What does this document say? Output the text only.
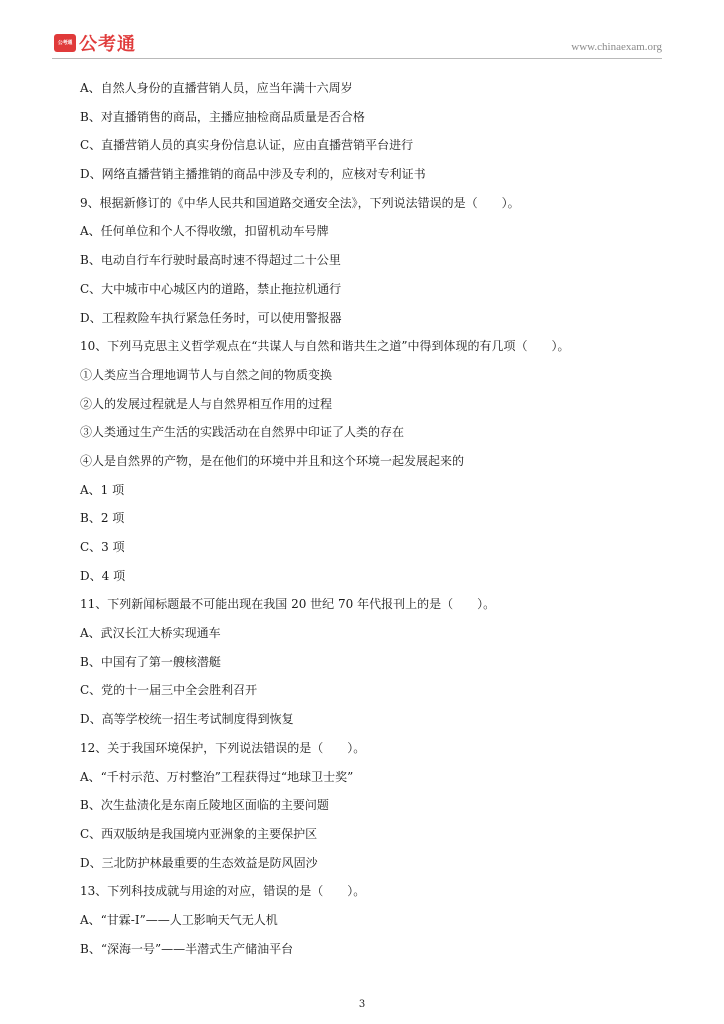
公考通 公考通	www.chinaexam.org
A、自然人身份的直播营销人员，应当年满十六周岁
B、对直播销售的商品，主播应抽检商品质量是否合格
C、直播营销人员的真实身份信息认证，应由直播营销平台进行
D、网络直播营销主播推销的商品中涉及专利的，应核对专利证书
9、根据新修订的《中华人民共和国道路交通安全法》，下列说法错误的是（　　）。
A、任何单位和个人不得收缴，扣留机动车号牌
B、电动自行车行驶时最高时速不得超过二十公里
C、大中城市中心城区内的道路，禁止拖拉机通行
D、工程救险车执行紧急任务时，可以使用警报器
10、下列马克思主义哲学观点在“共谋人与自然和谐共生之道”中得到体现的有几项（　　）。
①人类应当合理地调节人与自然之间的物质变换
②人的发展过程就是人与自然界相互作用的过程
③人类通过生产生活的实践活动在自然界中印证了人类的存在
④人是自然界的产物，是在他们的环境中并且和这个环境一起发展起来的
A、1 项
B、2 项
C、3 项
D、4 项
11、下列新闻标题最不可能出现在我国 20 世纪 70 年代报刊上的是（　　）。
A、武汉长江大桥实现通车
B、中国有了第一艘核潜艇
C、党的十一届三中全会胜利召开
D、高等学校统一招生考试制度得到恢复
12、关于我国环境保护，下列说法错误的是（　　）。
A、“千村示范、万村整治”工程获得过“地球卫士奖”
B、次生盐渍化是东南丘陵地区面临的主要问题
C、西双版纳是我国境内亚洲象的主要保护区
D、三北防护林最重要的生态效益是防风固沙
13、下列科技成就与用途的对应，错误的是（　　）。
A、“甘霖-Ⅰ”——人工影响天气无人机
B、“深海一号”——半潜式生产储油平台
3
